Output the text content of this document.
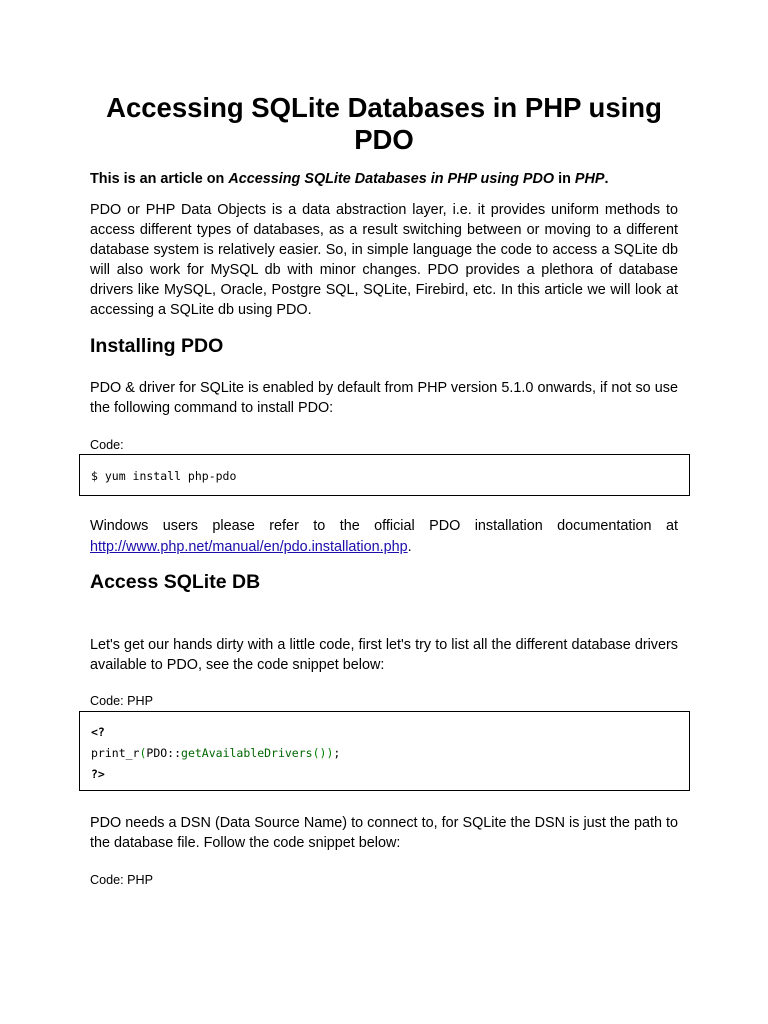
Accessing SQLite Databases in PHP using PDO

This is an article on Accessing SQLite Databases in PHP using PDO in PHP.

PDO or PHP Data Objects is a data abstraction layer, i.e. it provides uniform methods to access different types of databases, as a result switching between or moving to a different database system is relatively easier. So, in simple language the code to access a SQLite db will also work for MySQL db with minor changes. PDO provides a plethora of database drivers like MySQL, Oracle, Postgre SQL, SQLite, Firebird, etc. In this article we will look at accessing a SQLite db using PDO.

Installing PDO

PDO & driver for SQLite is enabled by default from PHP version 5.1.0 onwards, if not so use the following command to install PDO:

Code:

$ yum install php-pdo

Windows users please refer to the official PDO installation documentation at

http://www.php.net/manual/en/pdo.installation.php.

Access SQLite DB

Let's get our hands dirty with a little code, first let's try to list all the different database drivers available to PDO, see the code snippet below:

Code: PHP

<?
print_r(PDO::getAvailableDrivers());
?>

PDO needs a DSN (Data Source Name) to connect to, for SQLite the DSN is just the path to the database file. Follow the code snippet below:

Code: PHP
